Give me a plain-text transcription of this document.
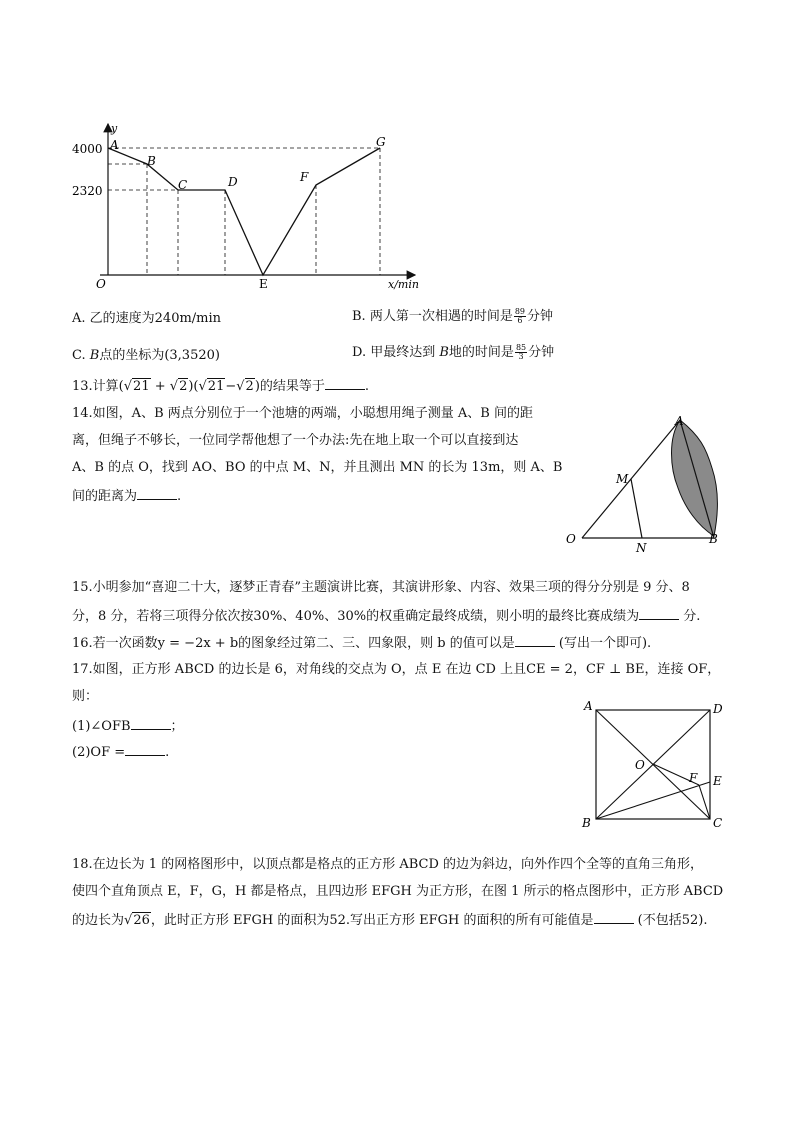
y
x/min
O
4000
2320
A
B
C	D
E
F
G
A. 乙的速度为240m/min	B. 两人第一次相遇的时间是 $\frac{89}{6}$ 分钟
C. B点的坐标为(3,3520)	D. 甲最终达到 B地的时间是 $\frac{85}{3}$ 分钟
13.计算(√21 + √2)(√21−√2)的结果等于	.
14.如图，A、B 两点分别位于一个池塘的两端，小聪想用绳子测量 A、B 间的距
离，但绳子不够长，一位同学帮他想了一个办法:先在地上取一个可以直接到达
A、B 的点 O，找到 AO、BO 的中点 M、N，并且测出 MN 的长为 13m，则 A、B
间的距离为	.
A
M
O
N
B
15.小明参加“喜迎二十大，逐梦正青春”主题演讲比赛，其演讲形象、内容、效果三项的得分分别是 9 分、8
分，8 分，若将三项得分依次按30%、40%、30%的权重确定最终成绩，则小明的最终比赛成绩为	分.
16.若一次函数y = −2x + b的图象经过第二、三、四象限，则 b 的值可以是	(写出一个即可).
17.如图，正方形 ABCD 的边长是 6，对角线的交点为 O，点 E 在边 CD 上且CE = 2，CF ⊥ BE，连接 OF，
则：
(1)∠OFB	；
(2)OF =	.
A	D
O
F E
B	C
18.在边长为 1 的网格图形中，以顶点都是格点的正方形 ABCD 的边为斜边，向外作四个全等的直角三角形，
使四个直角顶点 E，F，G，H 都是格点，且四边形 EFGH 为正方形，在图 1 所示的格点图形中，正方形 ABCD
的边长为√26，此时正方形 EFGH 的面积为52.写出正方形 EFGH 的面积的所有可能值是	(不包括52).
